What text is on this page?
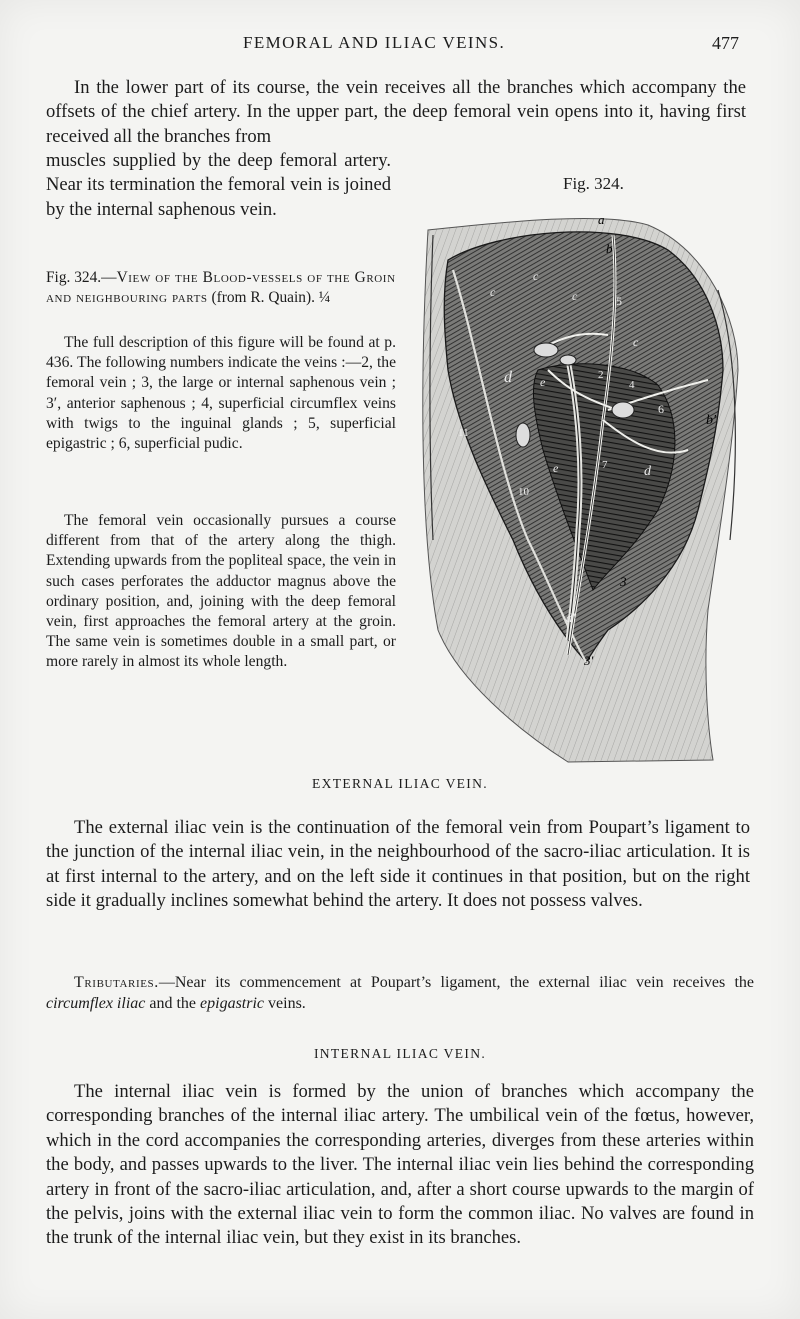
FEMORAL AND ILIAC VEINS.	477

In the lower part of its course, the vein receives all the branches which accompany the offsets of the chief artery. In the upper part, the deep femoral vein opens into it, having first received all the branches from

muscles supplied by the deep femoral artery. Near its termination the femoral vein is joined by the internal saphenous vein.

Fig. 324.
a
b
c
c
c
c
5
d
d
d′
e
e
2
4
6
7
11
10
3
3′
b′

Fig. 324.—View of the Blood-vessels of the Groin and neighbouring parts (from R. Quain). ¼

The full description of this figure will be found at p. 436. The following numbers indicate the veins :—2, the femoral vein ; 3, the large or internal saphenous vein ; 3′, anterior saphenous ; 4, superficial circumflex veins with twigs to the inguinal glands ; 5, superficial epigastric ; 6, superficial pudic.

The femoral vein occasionally pursues a course different from that of the artery along the thigh. Extending upwards from the popliteal space, the vein in such cases perforates the adductor magnus above the ordinary position, and, joining with the deep femoral vein, first approaches the femoral artery at the groin. The same vein is sometimes double in a small part, or more rarely in almost its whole length.

EXTERNAL ILIAC VEIN.

The external iliac vein is the continuation of the femoral vein from Poupart’s ligament to the junction of the internal iliac vein, in the neighbourhood of the sacro-iliac articulation. It is at first internal to the artery, and on the left side it continues in that position, but on the right side it gradually inclines somewhat behind the artery. It does not possess valves.

Tributaries.—Near its commencement at Poupart’s ligament, the external iliac vein receives the circumflex iliac and the epigastric veins.

INTERNAL ILIAC VEIN.

The internal iliac vein is formed by the union of branches which accompany the corresponding branches of the internal iliac artery. The umbilical vein of the fœtus, however, which in the cord accompanies the corresponding arteries, diverges from these arteries within the body, and passes upwards to the liver. The internal iliac vein lies behind the corresponding artery in front of the sacro-iliac articulation, and, after a short course upwards to the margin of the pelvis, joins with the external iliac vein to form the common iliac. No valves are found in the trunk of the internal iliac vein, but they exist in its branches.
